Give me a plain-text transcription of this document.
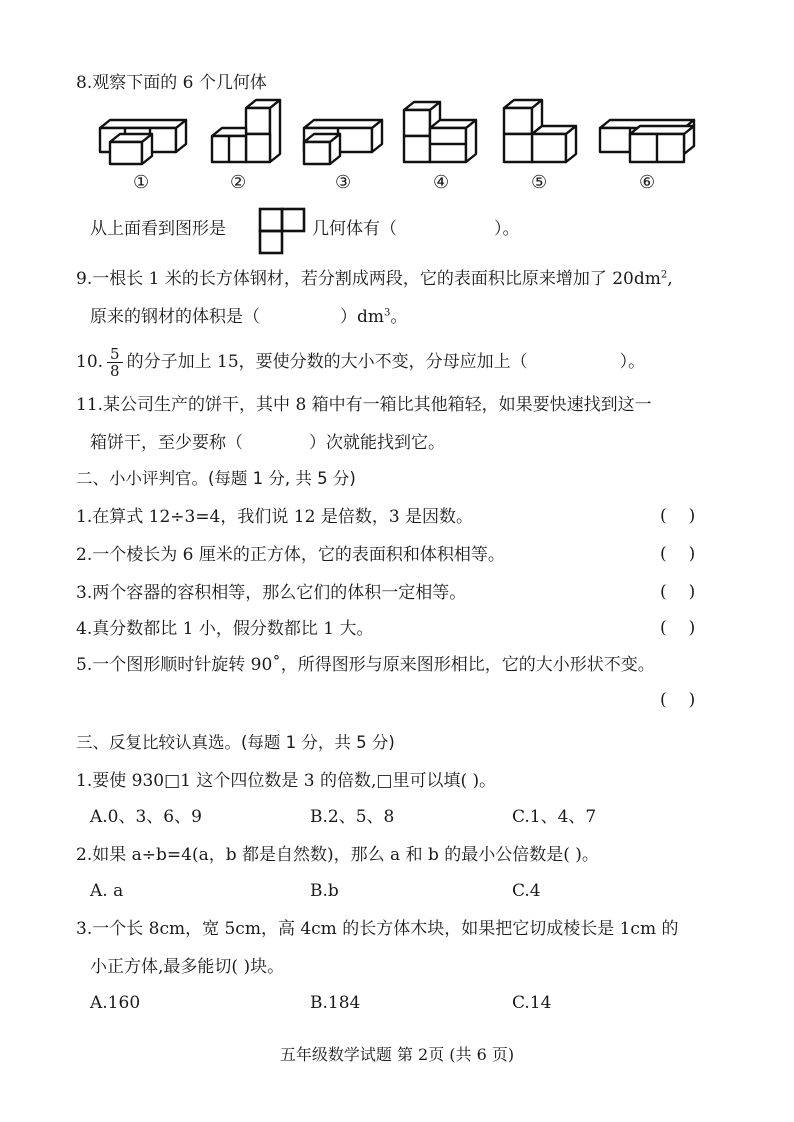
8.观察下面的 6 个几何体
①	②	③	④	⑤	⑥
从上面看到图形是	几何体有（	）。
9.一根长 1 米的长方体钢材，若分割成两段，它的表面积比原来增加了 $20dm^2$,
原来的钢材的体积是（	）$dm^3$。
10. $\frac{5}{8}$ 的分子加上 15，要使分数的大小不变，分母应加上（	）。
11.某公司生产的饼干，其中 8 箱中有一箱比其他箱轻，如果要快速找到这一
箱饼干，至少要称（	）次就能找到它。
二、小小评判官。(每题 1 分, 共 5 分)
1.在算式 12÷3=4，我们说 12 是倍数，3 是因数。
2.一个棱长为 6 厘米的正方体，它的表面积和体积相等。
3.两个容器的容积相等，那么它们的体积一定相等。
4.真分数都比 1 小，假分数都比 1 大。
5.一个图形顺时针旋转 90˚，所得图形与原来图形相比，它的大小形状不变。
()
()
()
()
()
三、反复比较认真选。(每题 1 分，共 5 分)
1.要使 930□1 这个四位数是 3 的倍数,□里可以填( )。
A.0、3、6、9	B.2、5、8	C.1、4、7
2.如果 a÷b=4(a，b 都是自然数)，那么 a 和 b 的最小公倍数是( )。
A. a	B.b	C.4
3.一个长 8cm，宽 5cm，高 4cm 的长方体木块，如果把它切成棱长是 1cm 的
小正方体,最多能切( )块。
A.160	B.184	C.14
五年级数学试题 第 2页 (共 6 页)
